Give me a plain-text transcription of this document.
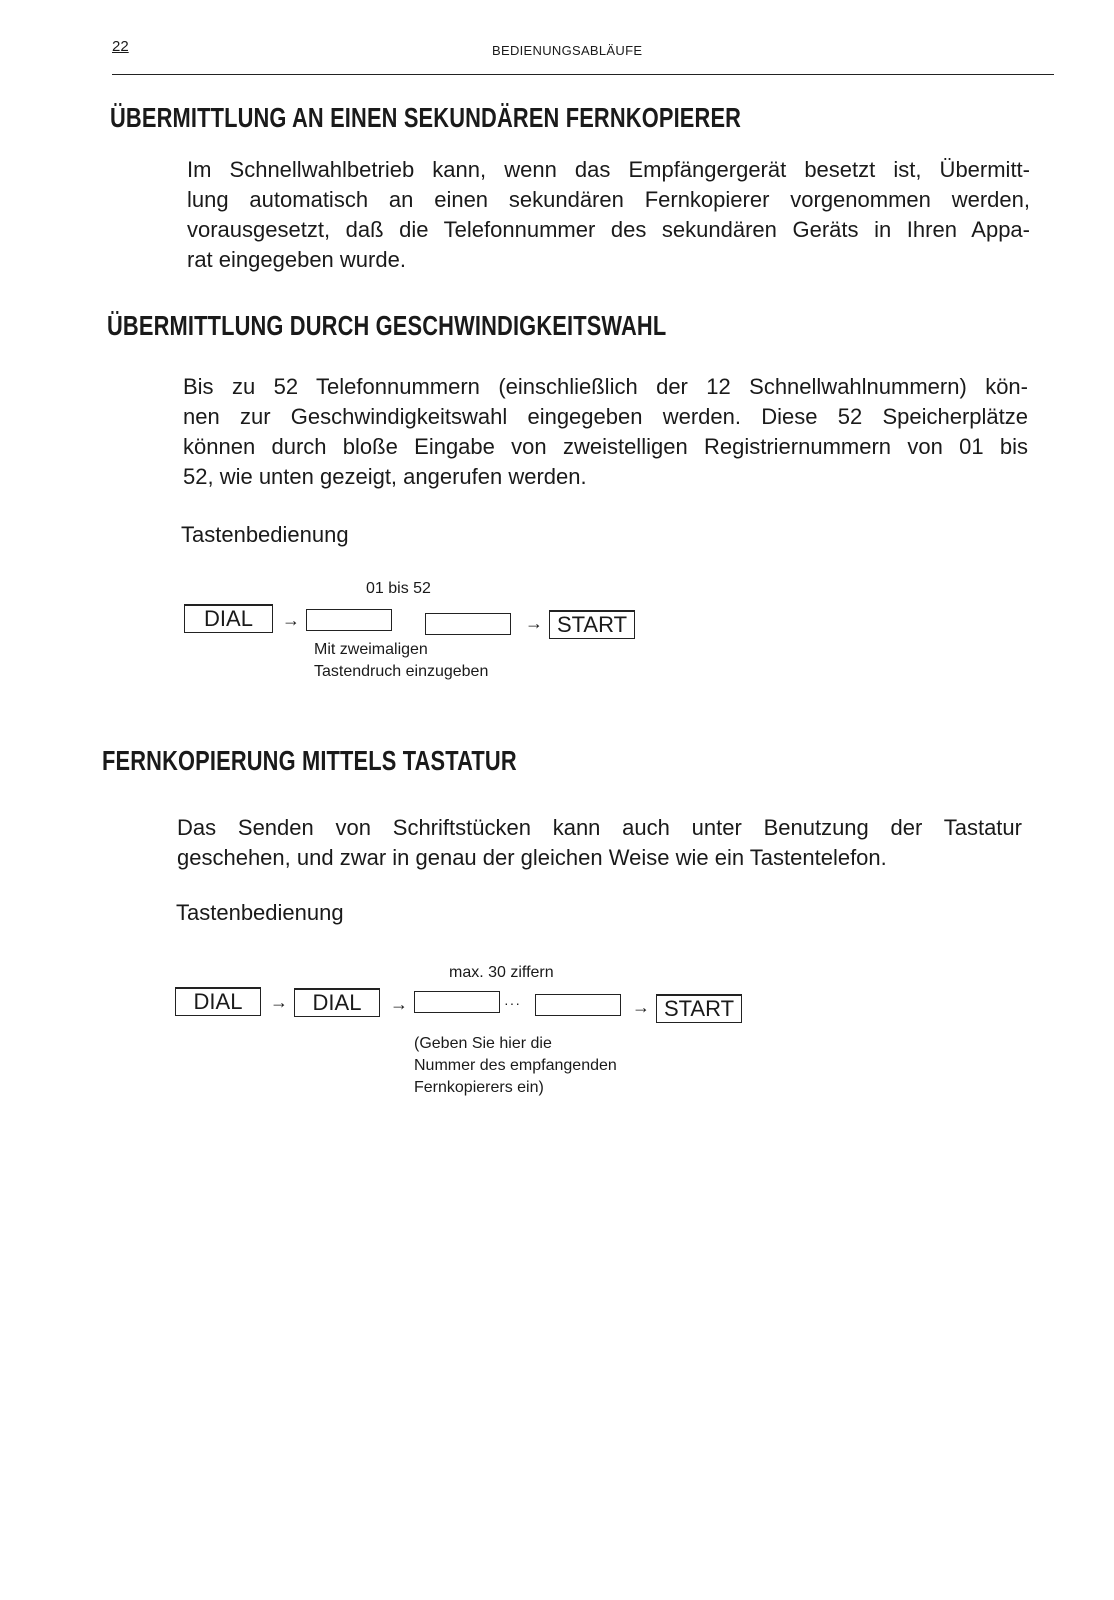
22	BEDIENUNGSABLÄUFE
ÜBERMITTLUNG AN EINEN SEKUNDÄREN FERNKOPIERER
Im Schnellwahlbetrieb kann, wenn das Empfängergerät besetzt ist, Übermitt-
lung automatisch an einen sekundären Fernkopierer vorgenommen werden,
vorausgesetzt, daß die Telefonnummer des sekundären Geräts in Ihren Appa-
rat eingegeben wurde.
ÜBERMITTLUNG DURCH GESCHWINDIGKEITSWAHL
Bis zu 52 Telefonnummern (einschließlich der 12 Schnellwahlnummern) kön-
nen zur Geschwindigkeitswahl eingegeben werden. Diese 52 Speicherplätze
können durch bloße Eingabe von zweistelligen Registriernummern von 01 bis
52, wie unten gezeigt, angerufen werden.

Tastenbedienung

01 bis 52
DIAL	→	→ START
Mit zweimaligen
Tastendruch einzugeben
FERNKOPIERUNG MITTELS TASTATUR
Das Senden von Schriftstücken kann auch unter Benutzung der Tastatur
geschehen, und zwar in genau der gleichen Weise wie ein Tastentelefon.

Tastenbedienung

max. 30 ziffern
DIAL	→	DIAL	→	···	→ START
(Geben Sie hier die
Nummer des empfangenden
Fernkopierers ein)
